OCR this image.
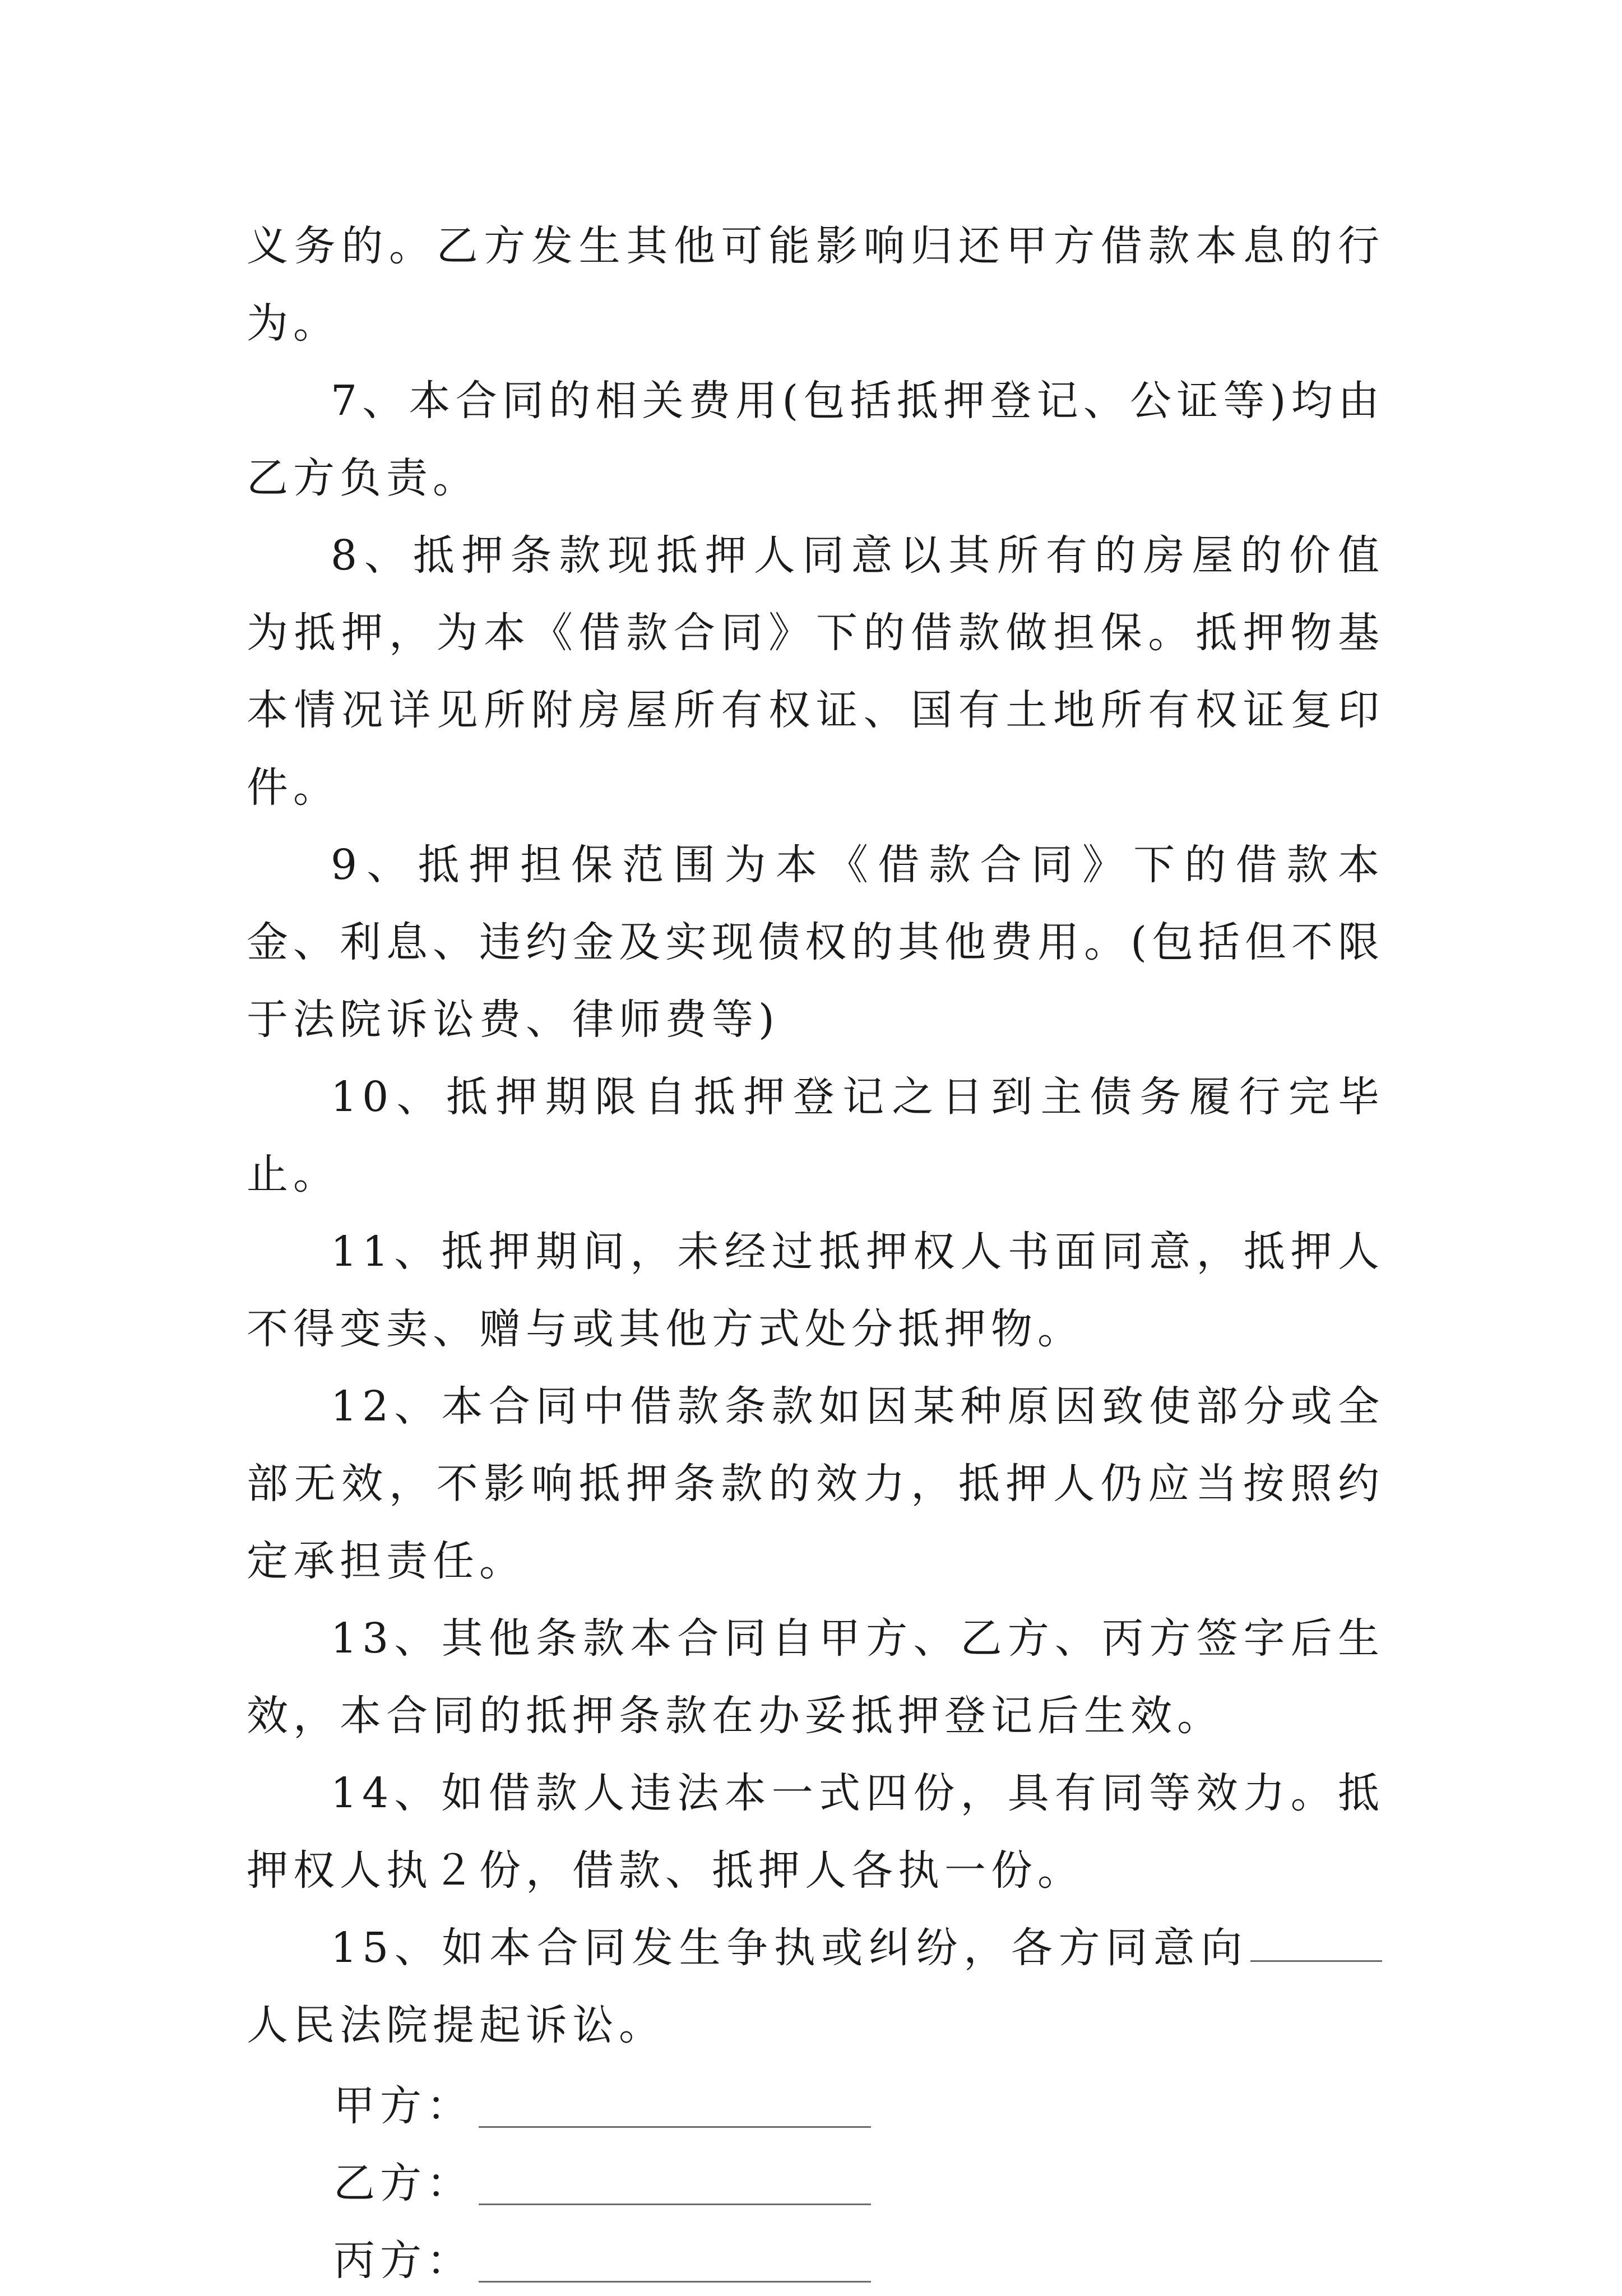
义务的。乙方发生其他可能影响归还甲方借款本息的行为。

7、本合同的相关费用(包括抵押登记、公证等)均由乙方负责。

8、抵押条款现抵押人同意以其所有的房屋的价值为抵押，为本《借款合同》下的借款做担保。抵押物基本情况详见所附房屋所有权证、国有土地所有权证复印件。

9、抵押担保范围为本《借款合同》下的借款本金、利息、违约金及实现债权的其他费用。(包括但不限于法院诉讼费、律师费等)

10、抵押期限自抵押登记之日到主债务履行完毕止。

11、抵押期间，未经过抵押权人书面同意，抵押人不得变卖、赠与或其他方式处分抵押物。

12、本合同中借款条款如因某种原因致使部分或全部无效，不影响抵押条款的效力，抵押人仍应当按照约定承担责任。

13、其他条款本合同自甲方、乙方、丙方签字后生效，本合同的抵押条款在办妥抵押登记后生效。

14、如借款人违法本一式四份，具有同等效力。抵押权人执２份，借款、抵押人各执一份。

15、如本合同发生争执或纠纷，各方同意向人民法院提起诉讼。

甲方：
乙方：
丙方：
